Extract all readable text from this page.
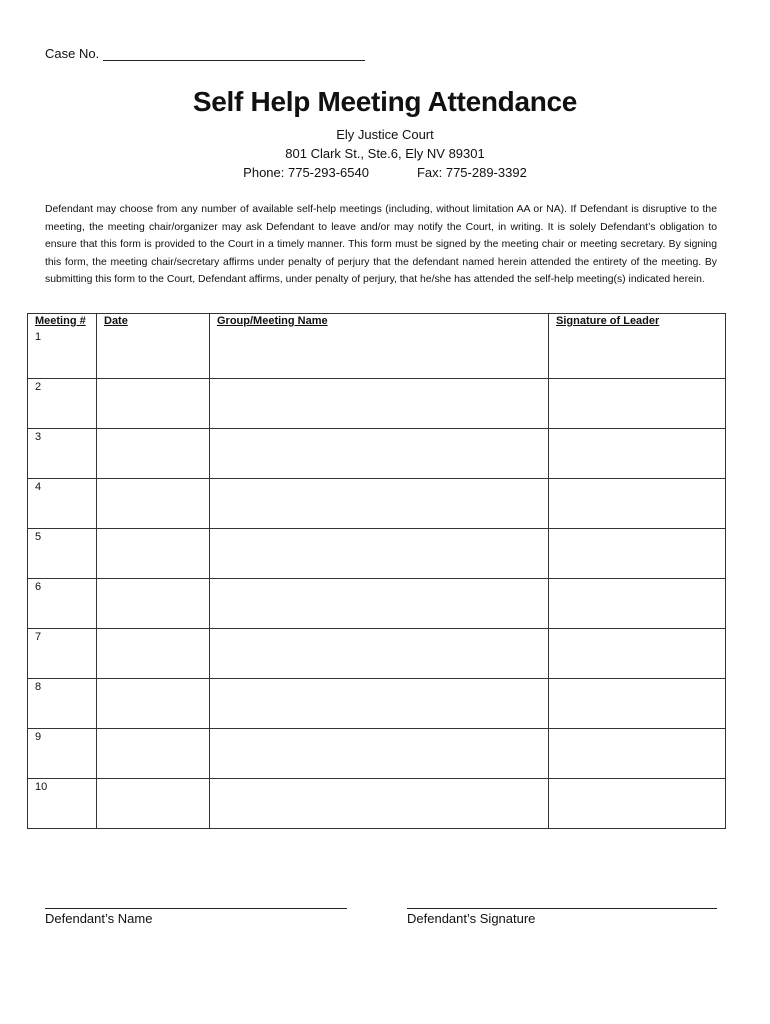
Case No.
Self Help Meeting Attendance
Ely Justice Court
801 Clark St., Ste.6, Ely NV 89301
Phone: 775-293-6540	Fax: 775-289-3392
Defendant may choose from any number of available self-help meetings (including, without limitation AA or NA). If Defendant is disruptive to the meeting, the meeting chair/organizer may ask Defendant to leave and/or may notify the Court, in writing. It is solely Defendant’s obligation to ensure that this form is provided to the Court in a timely manner. This form must be signed by the meeting chair or meeting secretary. By signing this form, the meeting chair/secretary affirms under penalty of perjury that the defendant named herein attended the entirety of the meeting. By submitting this form to the Court, Defendant affirms, under penalty of perjury, that he/she has attended the self-help meeting(s) indicated herein.
Meeting #	Date	Group/Meeting Name	Signature of Leader
1			
2			
3			
4			
5			
6			
7			
8			
9			
10			
Defendant’s Name	Defendant’s Signature
